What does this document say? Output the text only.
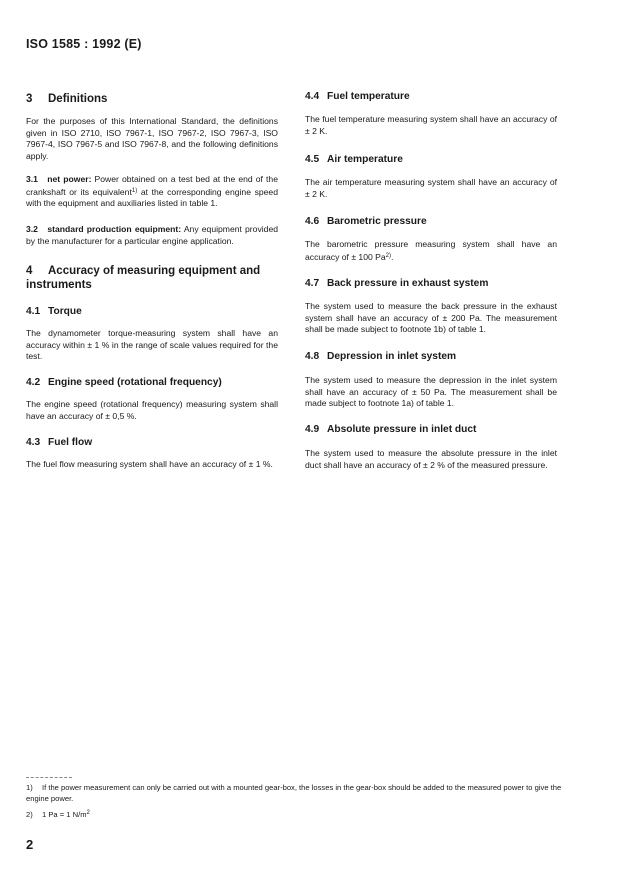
ISO 1585 : 1992 (E)
3 Definitions
For the purposes of this International Standard, the definitions given in ISO 2710, ISO 7967-1, ISO 7967-2, ISO 7967-3, ISO 7967-4, ISO 7967-5 and ISO 7967-8, and the following definitions apply.
3.1 net power: Power obtained on a test bed at the end of the crankshaft or its equivalent$^{1)}$ at the corresponding engine speed with the equipment and auxiliaries listed in table 1.
3.2 standard production equipment: Any equipment provided by the manufacturer for a particular engine application.
4 Accuracy of measuring equipment and instruments
4.1 Torque
The dynamometer torque-measuring system shall have an accuracy within ± 1 % in the range of scale values required for the test.
4.2 Engine speed (rotational frequency)
The engine speed (rotational frequency) measuring system shall have an accuracy of ± 0,5 %.
4.3 Fuel flow
The fuel flow measuring system shall have an accuracy of ± 1 %.
4.4 Fuel temperature
The fuel temperature measuring system shall have an accuracy of ± 2 K.
4.5 Air temperature
The air temperature measuring system shall have an accuracy of ± 2 K.
4.6 Barometric pressure
The barometric pressure measuring system shall have an accuracy of ± 100 Pa$^{2)}$.
4.7 Back pressure in exhaust system
The system used to measure the back pressure in the exhaust system shall have an accuracy of ± 200 Pa. The measurement shall be made subject to footnote 1b) of table 1.
4.8 Depression in inlet system
The system used to measure the depression in the inlet system shall have an accuracy of ± 50 Pa. The measurement shall be made subject to footnote 1a) of table 1.
4.9 Absolute pressure in inlet duct
The system used to measure the absolute pressure in the inlet duct shall have an accuracy of ± 2 % of the measured pressure.
1) If the power measurement can only be carried out with a mounted gear-box, the losses in the gear-box should be added to the measured power to give the engine power.
2) 1 Pa = 1 $N/m^2$
2
